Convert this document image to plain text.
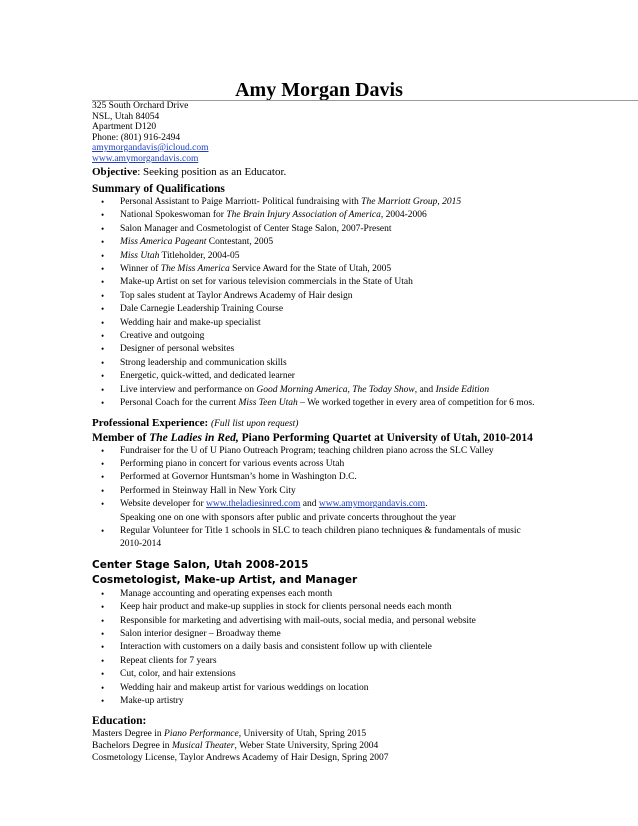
Amy Morgan Davis
325 South Orchard Drive
NSL, Utah 84054
Apartment D120
Phone: (801) 916-2494
amymorgandavis@icloud.com
www.amymorgandavis.com
Objective: Seeking position as an Educator.
Summary of Qualifications
• Personal Assistant to Paige Marriott- Political fundraising with The Marriott Group, 2015
• National Spokeswoman for The Brain Injury Association of America, 2004-2006
• Salon Manager and Cosmetologist of Center Stage Salon, 2007-Present
• Miss America Pageant Contestant, 2005
• Miss Utah Titleholder, 2004-05
• Winner of The Miss America Service Award for the State of Utah, 2005
• Make-up Artist on set for various television commercials in the State of Utah
• Top sales student at Taylor Andrews Academy of Hair design
• Dale Carnegie Leadership Training Course
• Wedding hair and make-up specialist
• Creative and outgoing
• Designer of personal websites
• Strong leadership and communication skills
• Energetic, quick-witted, and dedicated learner
• Live interview and performance on Good Morning America, The Today Show, and Inside Edition
• Personal Coach for the current Miss Teen Utah – We worked together in every area of competition for 6 mos.
Professional Experience: (Full list upon request)
Member of The Ladies in Red, Piano Performing Quartet at University of Utah, 2010-2014
• Fundraiser for the U of U Piano Outreach Program; teaching children piano across the SLC Valley
• Performing piano in concert for various events across Utah
• Performed at Governor Huntsman’s home in Washington D.C.
• Performed in Steinway Hall in New York City
• Website developer for www.theladiesinred.com and www.amymorgandavis.com.
Speaking one on one with sponsors after public and private concerts throughout the year
• Regular Volunteer for Title 1 schools in SLC to teach children piano techniques & fundamentals of music
2010-2014
Center Stage Salon, Utah 2008-2015
Cosmetologist, Make-up Artist, and Manager
• Manage accounting and operating expenses each month
• Keep hair product and make-up supplies in stock for clients personal needs each month
• Responsible for marketing and advertising with mail-outs, social media, and personal website
• Salon interior designer – Broadway theme
• Interaction with customers on a daily basis and consistent follow up with clientele
• Repeat clients for 7 years
• Cut, color, and hair extensions
• Wedding hair and makeup artist for various weddings on location
• Make-up artistry
Education:
Masters Degree in Piano Performance, University of Utah, Spring 2015
Bachelors Degree in Musical Theater, Weber State University, Spring 2004
Cosmetology License, Taylor Andrews Academy of Hair Design, Spring 2007
